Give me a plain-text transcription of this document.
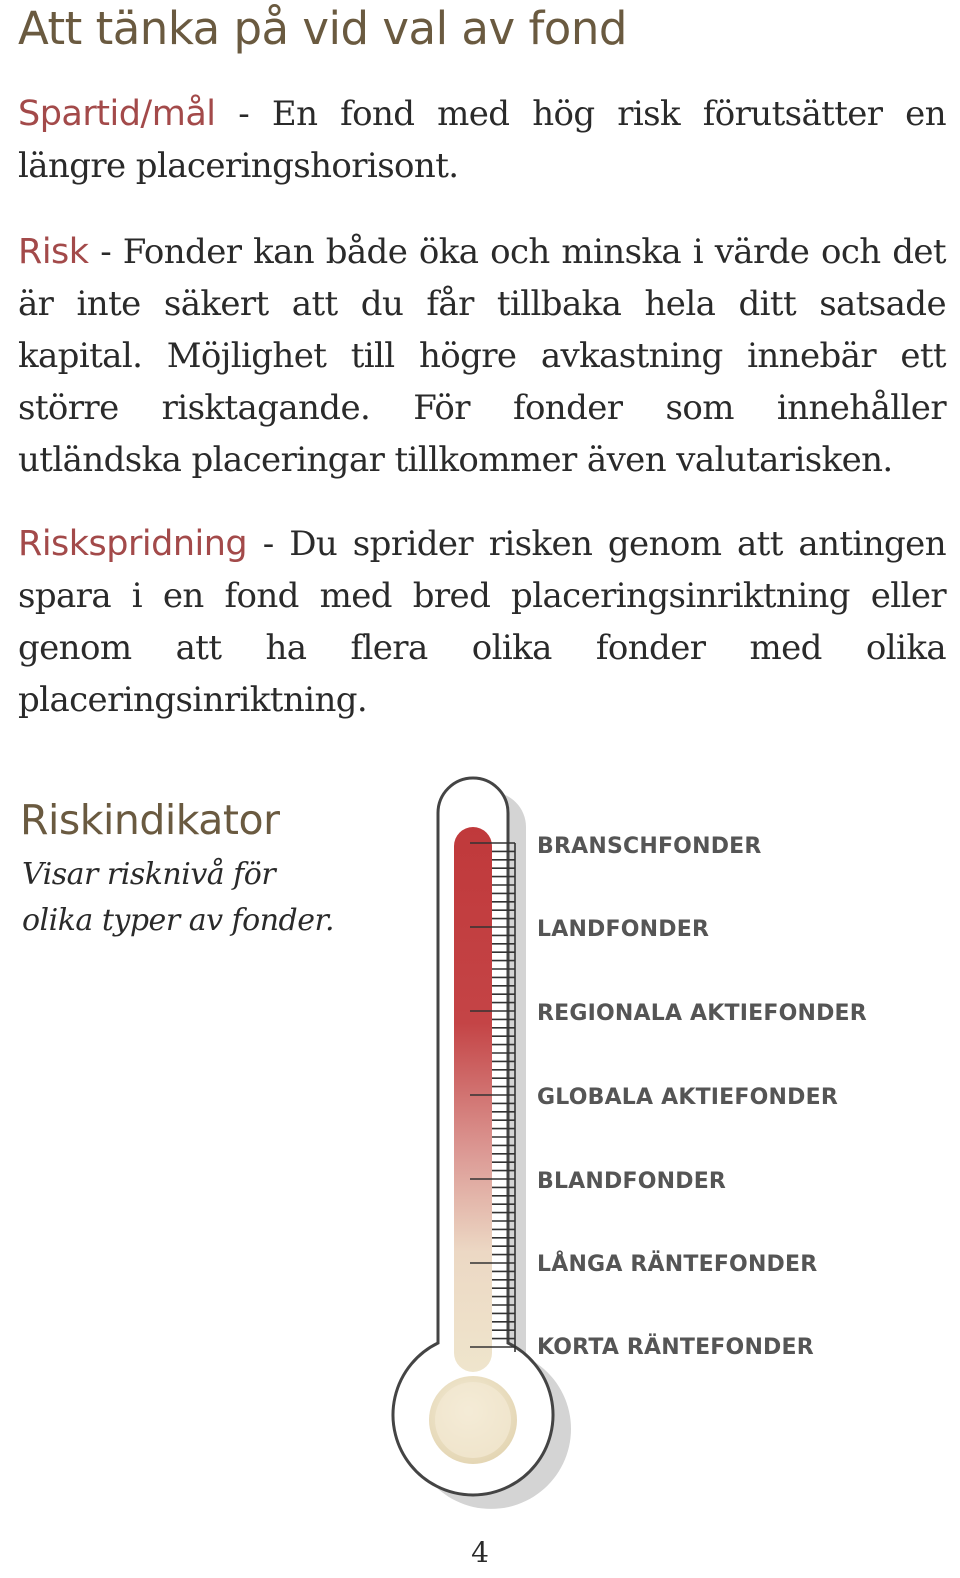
Att tänka på vid val av fond

Spartid/mål - En fond med hög risk förutsätter en längre placeringshorisont.

Risk - Fonder kan både öka och minska i värde och det är inte säkert att du får tillbaka hela ditt satsade kapital. Möjlighet till högre avkastning innebär ett större risktagande. För fonder som innehåller utländska placeringar tillkommer även valutarisken.

Riskspridning - Du sprider risken genom att antingen spara i en fond med bred placeringsinriktning eller genom att ha flera olika fonder med olika placeringsinriktning.

Riskindikator

Visar risknivå för olika typer av fonder.

BRANSCHFONDER

LANDFONDER

REGIONALA AKTIEFONDER

GLOBALA AKTIEFONDER

BLANDFONDER

LÅNGA RÄNTEFONDER

KORTA RÄNTEFONDER

4
